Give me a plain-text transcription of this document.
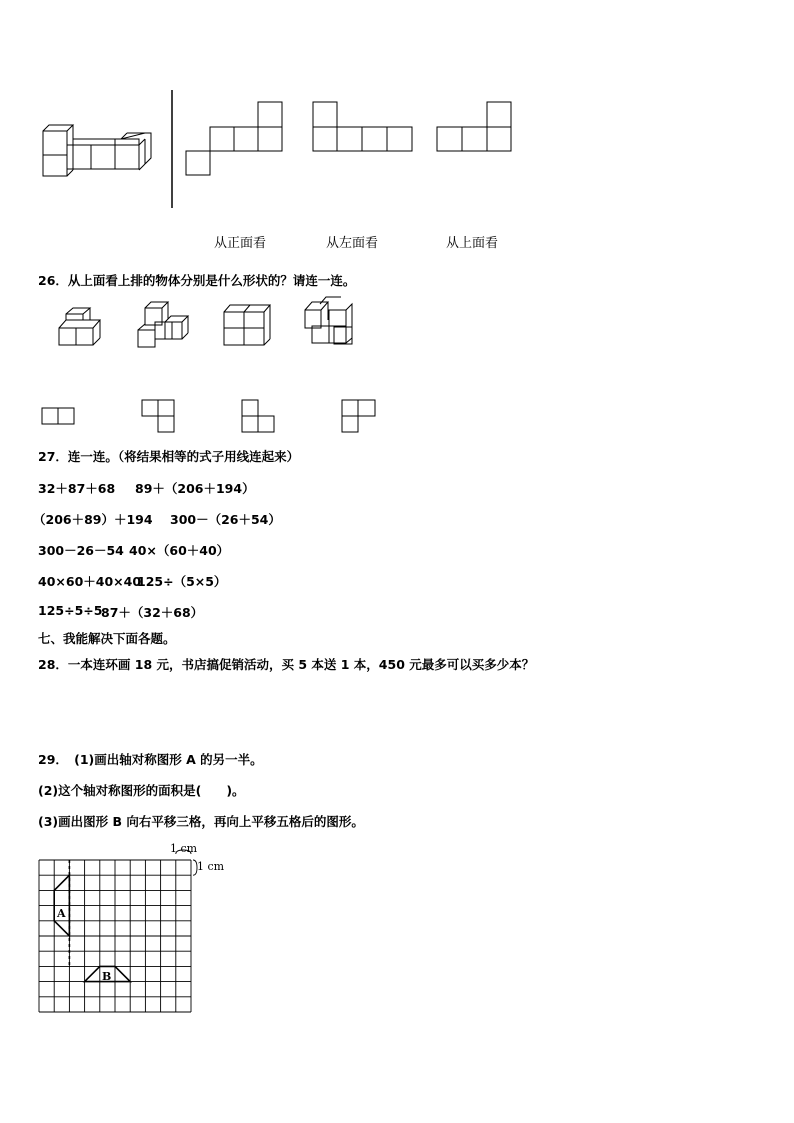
从正面看	从左面看	从上面看
26．从上面看上排的物体分别是什么形状的？请连一连。
27．连一连。（将结果相等的式子用线连起来）
32＋87＋68 89＋（206＋194）
（206＋89）＋194 300－（26＋54）
300－26－54 40×（60＋40）
40×60＋40×40
125÷（5×5）
125÷5÷5
87＋（32＋68）
七、我能解决下面各题。
28．一本连环画 18 元，书店搞促销活动，买 5 本送 1 本，450 元最多可以买多少本？
29．　(1)画出轴对称图形 A 的另一半。
(2)这个轴对称图形的面积是(　　)。
(3)画出图形 B 向右平移三格，再向上平移五格后的图形。
1 cm
1 cm
A
B
